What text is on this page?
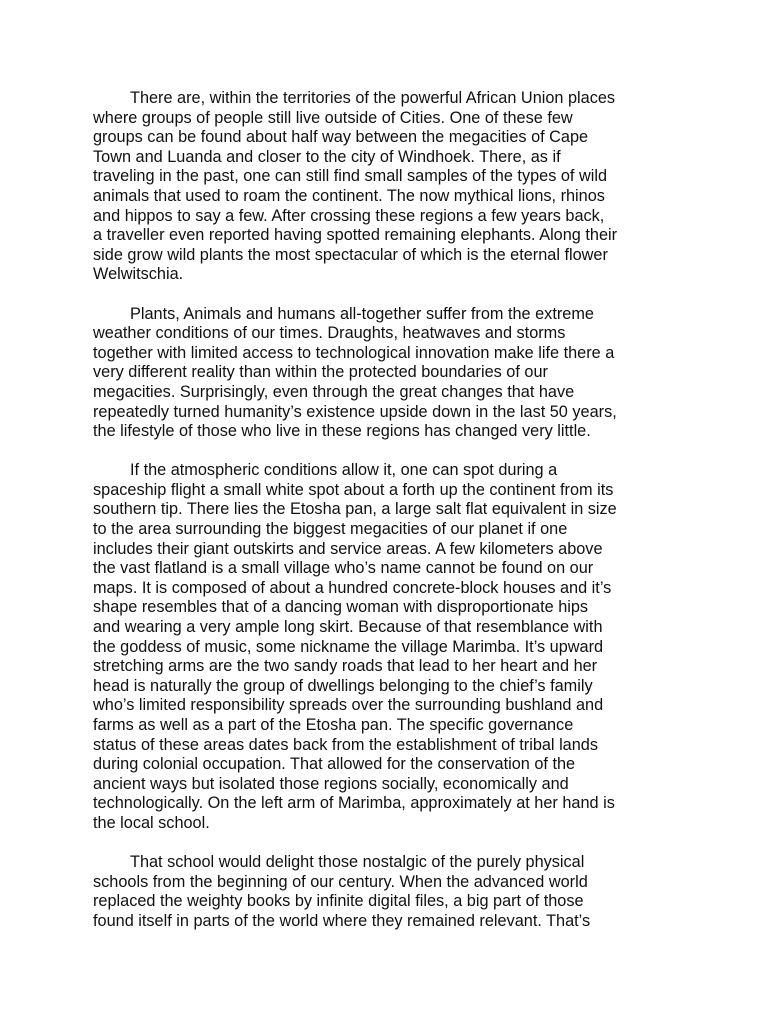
There are, within the territories of the powerful African Union places
where groups of people still live outside of Cities. One of these few
groups can be found about half way between the megacities of Cape
Town and Luanda and closer to the city of Windhoek. There, as if
traveling in the past, one can still find small samples of the types of wild
animals that used to roam the continent. The now mythical lions, rhinos
and hippos to say a few. After crossing these regions a few years back,
a traveller even reported having spotted remaining elephants. Along their
side grow wild plants the most spectacular of which is the eternal flower
Welwitschia.
Plants, Animals and humans all-together suffer from the extreme
weather conditions of our times. Draughts, heatwaves and storms
together with limited access to technological innovation make life there a
very different reality than within the protected boundaries of our
megacities. Surprisingly, even through the great changes that have
repeatedly turned humanity’s existence upside down in the last 50 years,
the lifestyle of those who live in these regions has changed very little.
If the atmospheric conditions allow it, one can spot during a
spaceship flight a small white spot about a forth up the continent from its
southern tip. There lies the Etosha pan, a large salt flat equivalent in size
to the area surrounding the biggest megacities of our planet if one
includes their giant outskirts and service areas. A few kilometers above
the vast flatland is a small village who’s name cannot be found on our
maps. It is composed of about a hundred concrete-block houses and it’s
shape resembles that of a dancing woman with disproportionate hips
and wearing a very ample long skirt. Because of that resemblance with
the goddess of music, some nickname the village Marimba. It’s upward
stretching arms are the two sandy roads that lead to her heart and her
head is naturally the group of dwellings belonging to the chief’s family
who’s limited responsibility spreads over the surrounding bushland and
farms as well as a part of the Etosha pan. The specific governance
status of these areas dates back from the establishment of tribal lands
during colonial occupation. That allowed for the conservation of the
ancient ways but isolated those regions socially, economically and
technologically. On the left arm of Marimba, approximately at her hand is
the local school.
That school would delight those nostalgic of the purely physical
schools from the beginning of our century. When the advanced world
replaced the weighty books by infinite digital files, a big part of those
found itself in parts of the world where they remained relevant. That’s
